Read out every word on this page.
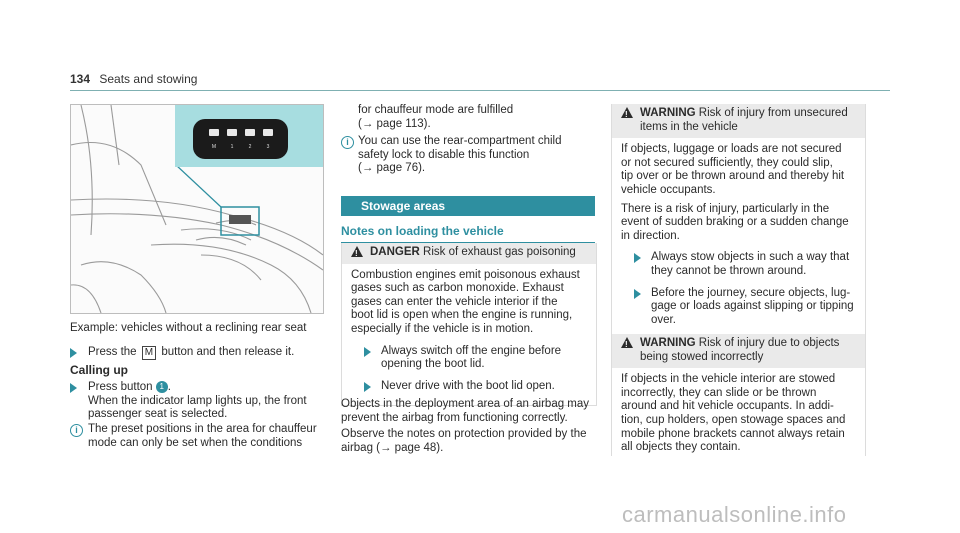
134 Seats and stowing
M	1	2	3
Example: vehicles without a reclining rear seat
Press the M button and then release it.
Calling up
Press button 1 .
When the indicator lamp lights up, the front
passenger seat is selected.
i The preset positions in the area for chauffeur
mode can only be set when the conditions
for chauffeur mode are fulfilled
(→ page 113).
i You can use the rear-compartment child
safety lock to disable this function
(→ page 76).
Stowage areas
Notes on loading the vehicle
!
DANGER Risk of exhaust gas poisoning

Combustion engines emit poisonous exhaust
gases such as carbon monoxide. Exhaust
gases can enter the vehicle interior if the
boot lid is open when the engine is running,
especially if the vehicle is in motion.

Always switch off the engine before
opening the boot lid.
Never drive with the boot lid open.
Objects in the deployment area of an airbag may
prevent the airbag from functioning correctly.
Observe the notes on protection provided by the
airbag (→ page 48).
!
WARNING Risk of injury from unsecured
items in the vehicle

If objects, luggage or loads are not secured
or not secured sufficiently, they could slip,
tip over or be thrown around and thereby hit
vehicle occupants.

There is a risk of injury, particularly in the
event of sudden braking or a sudden change
in direction.

Always stow objects in such a way that
they cannot be thrown around.
Before the journey, secure objects, lug-
gage or loads against slipping or tipping
over.
!
WARNING Risk of injury due to objects
being stowed incorrectly

If objects in the vehicle interior are stowed
incorrectly, they can slide or be thrown
around and hit vehicle occupants. In addi-
tion, cup holders, open stowage spaces and
mobile phone brackets cannot always retain
all objects they contain.

carmanualsonline.info
